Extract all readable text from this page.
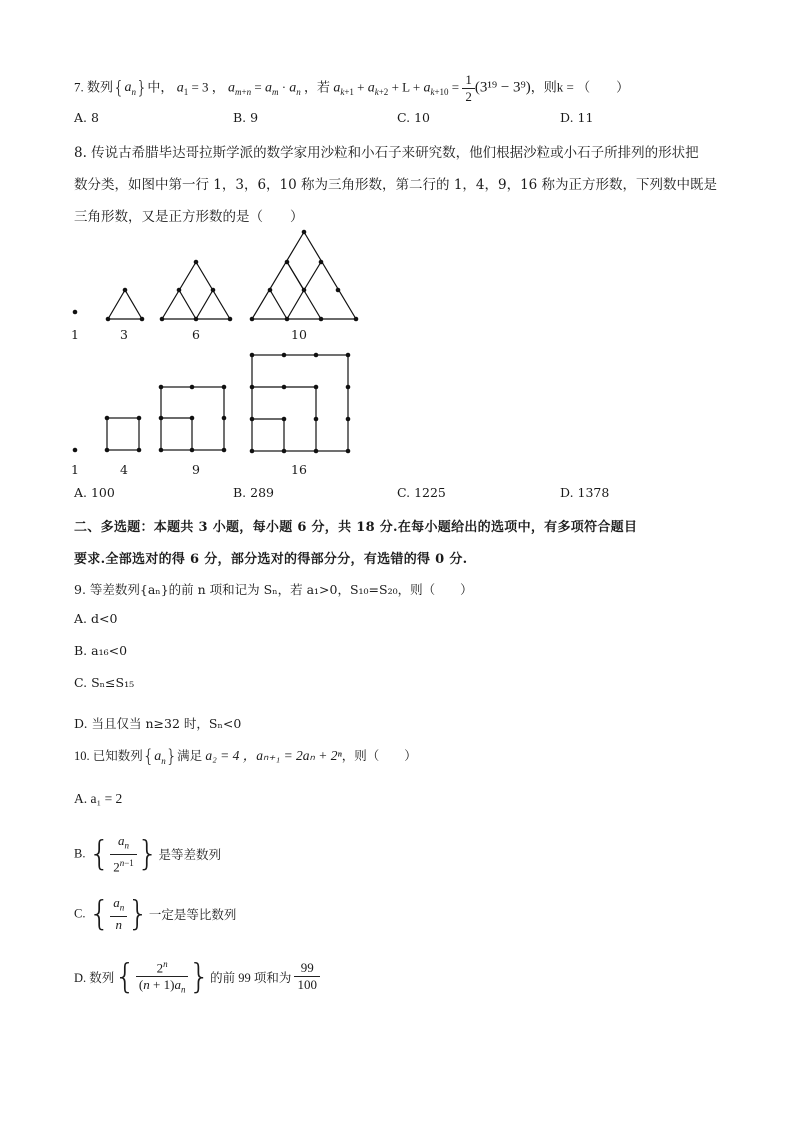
7. 数列$\{a_n\}$中， $a_1 = 3$ ， $a_{m+n} = a_m \cdot a_n$ ，若 $a_{k+1} + a_{k+2} + L + a_{k+10} = \frac{1}{2} (3^{19} - 3^9)$，则k = （　　）
A. 8	B. 9	C. 10	D. 11
8. 传说古希腊毕达哥拉斯学派的数学家用沙粒和小石子来研究数，他们根据沙粒或小石子所排列的形状把
数分类，如图中第一行 1，3，6，10 称为三角形数，第二行的 1，4，9，16 称为正方形数，下列数中既是
三角形数，又是正方形数的是（　　）
1	3	6	10
1	4	9	16
A. 100	B. 289	C. 1225	D. 1378
二、多选题：本题共 3 小题，每小题 6 分，共 18 分.在每小题给出的选项中，有多项符合题目
要求.全部选对的得 6 分，部分选对的得部分分，有选错的得 0 分.
9. 等差数列{aₙ}的前 n 项和记为 Sₙ，若 a₁>0，S₁₀=S₂₀，则（　　）
A. d<0
B. a₁₆<0
C. Sₙ≤S₁₅
D. 当且仅当 n≥32 时，Sₙ<0
10. 已知数列$\{a_n\}$满足 a₂ = 4 ，aₙ₊₁ = 2aₙ + 2ⁿ，则（　　）
A. a₁ = 2
B. { $\frac{a_n}{2^{n-1}}$ }是等差数列
C. { $\frac{a_n}{n}$ }一定是等比数列
D. 数列{ $\frac{2^n}{(n + 1)a_n}$ }的前 99 项和为 $\frac{99}{100}$
